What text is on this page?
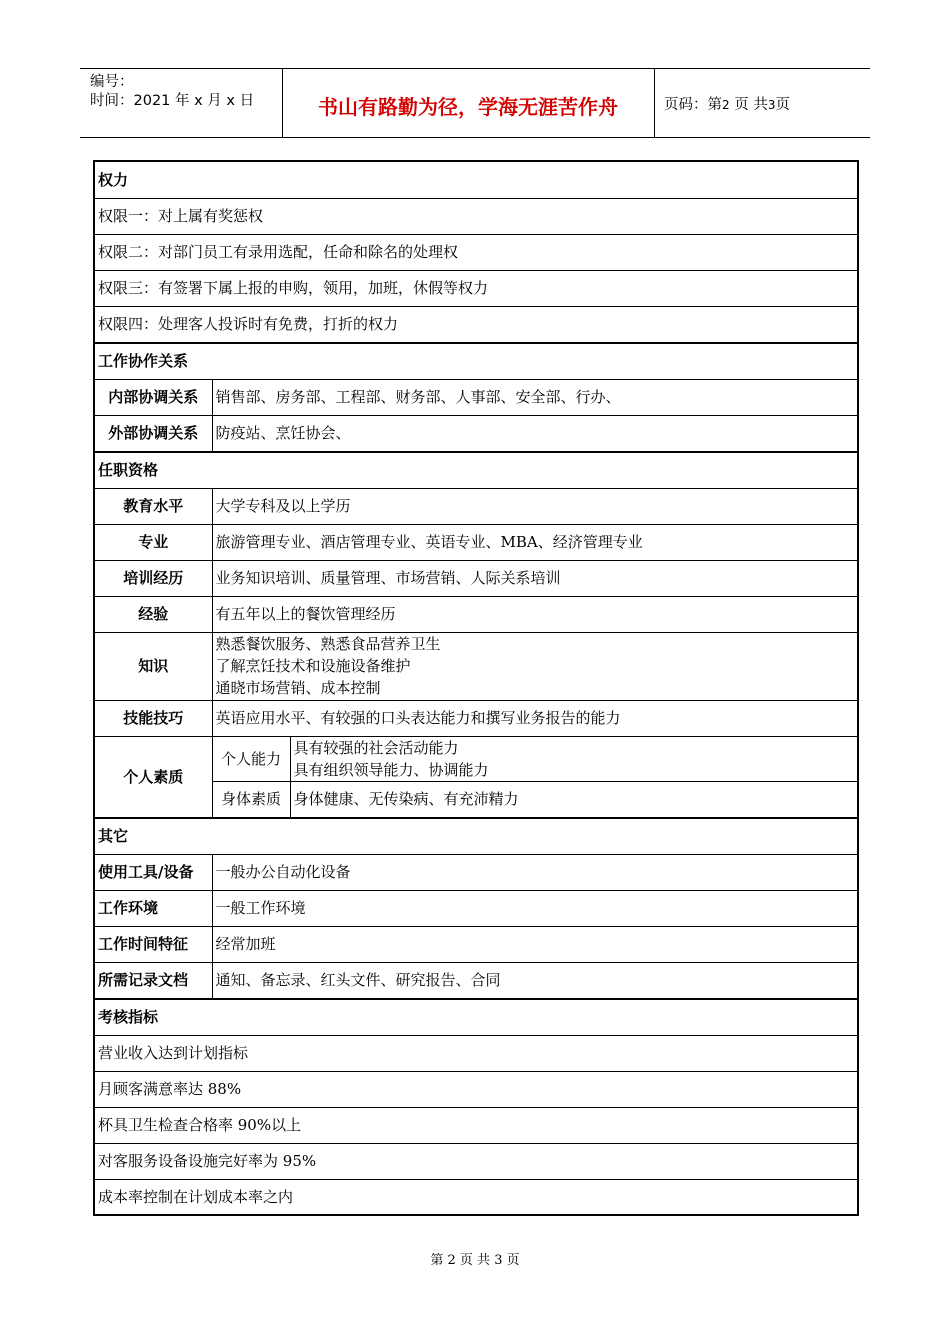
编号：
时间：2021 年 x 月 x 日	书山有路勤为径，学海无涯苦作舟	页码：第2 页 共3页
权力		
权限一：对上属有奖惩权		
权限二：对部门员工有录用选配，任命和除名的处理权		
权限三：有签署下属上报的申购，领用，加班，休假等权力		
权限四：处理客人投诉时有免费，打折的权力		
工作协作关系		
内部协调关系	销售部、房务部、工程部、财务部、人事部、安全部、行办、	
外部协调关系	防疫站、烹饪协会、	
任职资格		
教育水平	大学专科及以上学历	
专业	旅游管理专业、酒店管理专业、英语专业、MBA、经济管理专业	
培训经历	业务知识培训、质量管理、市场营销、人际关系培训	
经验	有五年以上的餐饮管理经历	
知识	熟悉餐饮服务、熟悉食品营养卫生
了解烹饪技术和设施设备维护
通晓市场营销、成本控制	

技能技巧	英语应用水平、有较强的口头表达能力和撰写业务报告的能力	
个人素质	个人能力	具有较强的社会活动能力
具有组织领导能力、协调能力

	身体素质	身体健康、无传染病、有充沛精力
其它		
使用工具/设备	一般办公自动化设备	
工作环境	一般工作环境	
工作时间特征	经常加班	
所需记录文档	通知、备忘录、红头文件、研究报告、合同	
考核指标		
营业收入达到计划指标		
月顾客满意率达 88%		
杯具卫生检查合格率 90%以上		
对客服务设备设施完好率为 95%		
成本率控制在计划成本率之内		
第 2 页 共 3 页
